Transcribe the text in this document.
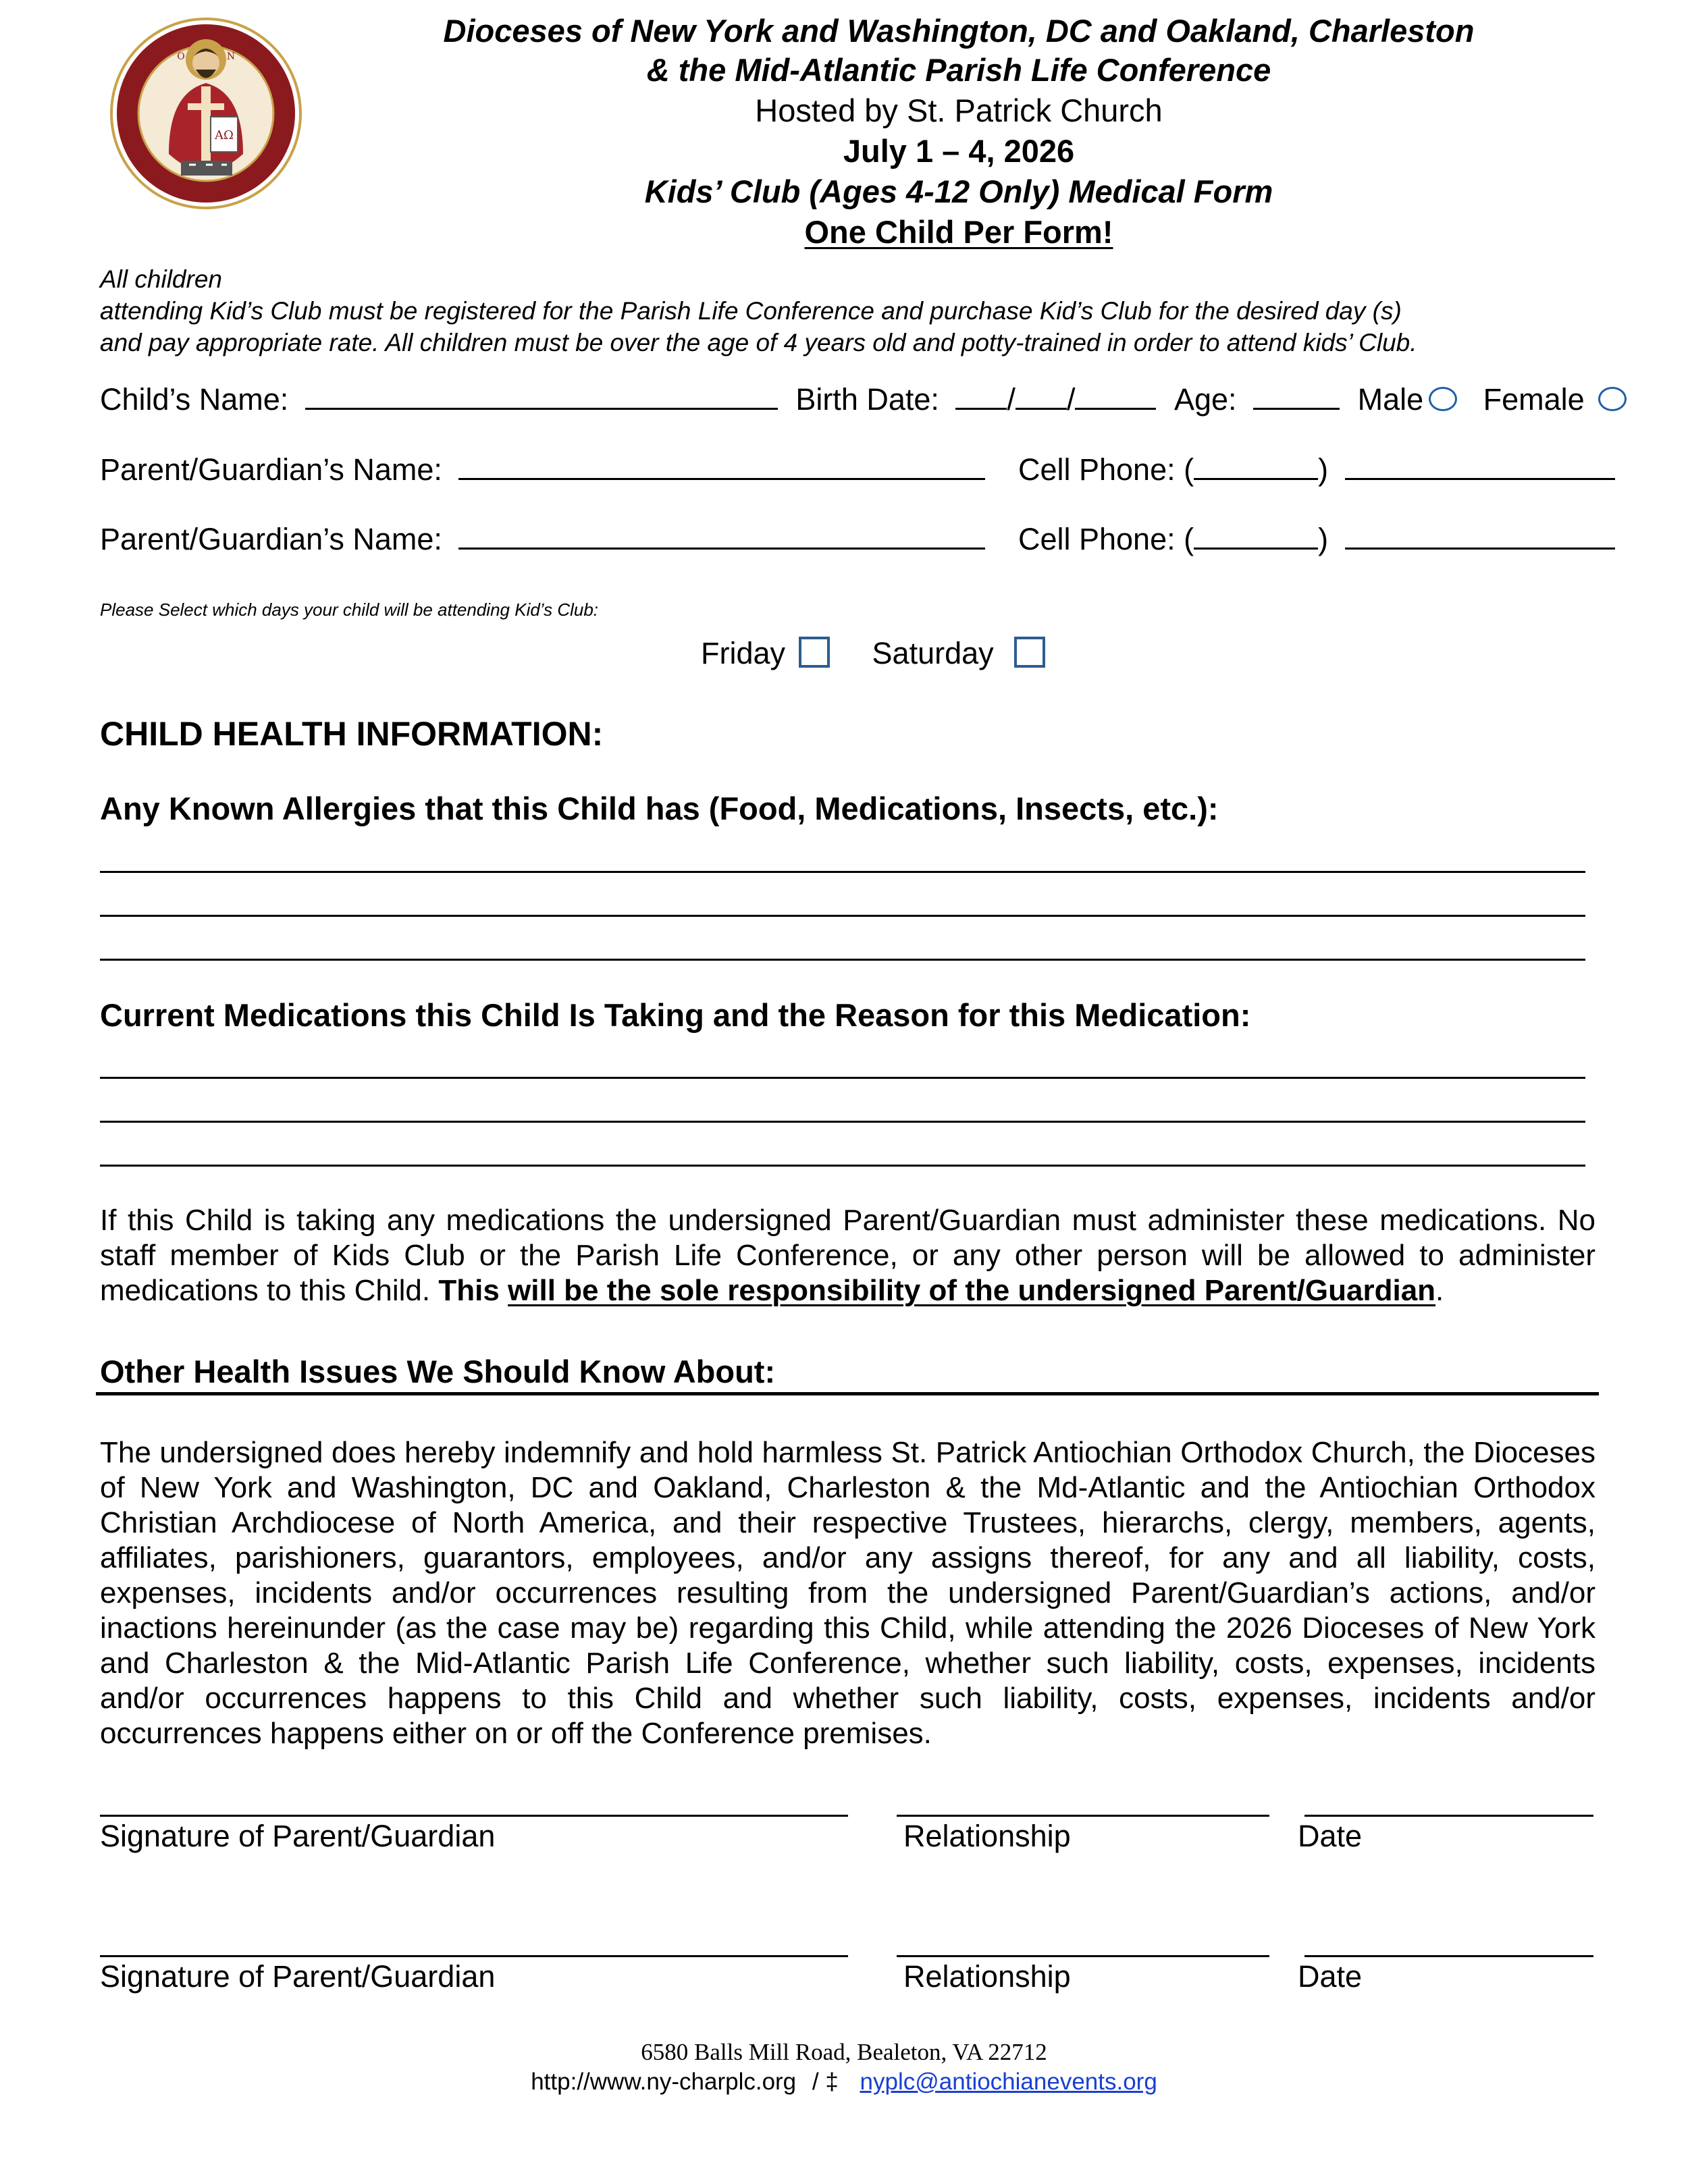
AΩ
O	N
Dioceses of New York and Washington, DC and Oakland, Charleston
& the Mid-Atlantic Parish Life Conference
Hosted by St. Patrick Church
July 1 – 4, 2026
Kids’ Club (Ages 4-12 Only) Medical Form
One Child Per Form!
All children
attending Kid’s Club must be registered for the Parish Life Conference and purchase Kid’s Club for the desired day (s)
and pay appropriate rate. All children must be over the age of 4 years old and potty-trained in order to attend kids’ Club.
Child’s Name:	Birth Date: / /	Age:	Male Female
Parent/Guardian’s Name:	Cell Phone: (	)
Parent/Guardian’s Name:	Cell Phone: (	)
Please Select which days your child will be attending Kid’s Club:
Friday	Saturday
CHILD HEALTH INFORMATION:
Any Known Allergies that this Child has (Food, Medications, Insects, etc.):
Current Medications this Child Is Taking and the Reason for this Medication:
If this Child is taking any medications the undersigned Parent/Guardian must administer these medications. No staff member of Kids Club or the Parish Life Conference, or any other person will be allowed to administer medications to this Child. This will be the sole responsibility of the undersigned Parent/Guardian.
Other Health Issues We Should Know About:
The undersigned does hereby indemnify and hold harmless St. Patrick Antiochian Orthodox Church, the Dioceses of New York and Washington, DC and Oakland, Charleston & the Md-Atlantic and the Antiochian Orthodox Christian Archdiocese of North America, and their respective Trustees, hierarchs, clergy, members, agents, affiliates, parishioners, guarantors, employees, and/or any assigns thereof, for any and all liability, costs, expenses, incidents and/or occurrences resulting from the undersigned Parent/Guardian’s actions, and/or inactions hereinunder (as the case may be) regarding this Child, while attending the 2026 Dioceses of New York and Charleston & the Mid-Atlantic Parish Life Conference, whether such liability, costs, expenses, incidents and/or occurrences happens to this Child and whether such liability, costs, expenses, incidents and/or occurrences happens either on or off the Conference premises.
Signature of Parent/Guardian	Relationship	Date
Signature of Parent/Guardian	Relationship	Date
6580 Balls Mill Road, Bealeton, VA 22712
http://www.ny-charplc.org / ‡ nyplc@antiochianevents.org
